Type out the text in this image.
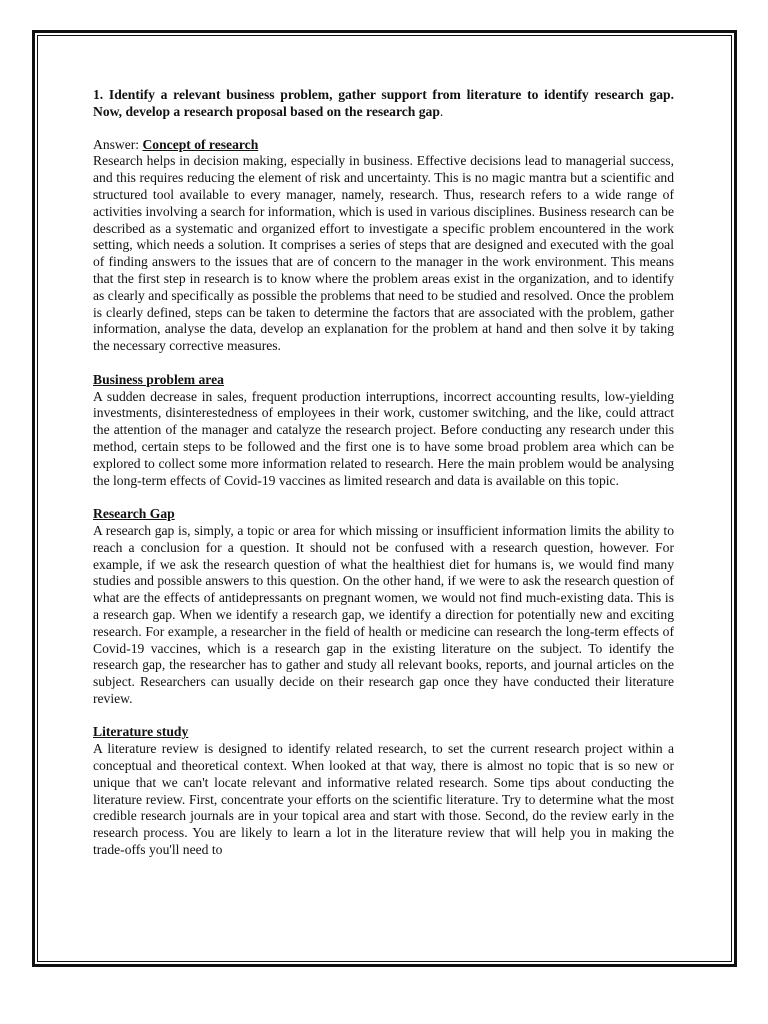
1. Identify a relevant business problem, gather support from literature to identify research gap. Now, develop a research proposal based on the research gap.

Answer: Concept of research

Research helps in decision making, especially in business. Effective decisions lead to managerial success, and this requires reducing the element of risk and uncertainty. This is no magic mantra but a scientific and structured tool available to every manager, namely, research. Thus, research refers to a wide range of activities involving a search for information, which is used in various disciplines. Business research can be described as a systematic and organized effort to investigate a specific problem encountered in the work setting, which needs a solution. It comprises a series of steps that are designed and executed with the goal of finding answers to the issues that are of concern to the manager in the work environment. This means that the first step in research is to know where the problem areas exist in the organization, and to identify as clearly and specifically as possible the problems that need to be studied and resolved. Once the problem is clearly defined, steps can be taken to determine the factors that are associated with the problem, gather information, analyse the data, develop an explanation for the problem at hand and then solve it by taking the necessary corrective measures.

Business problem area

A sudden decrease in sales, frequent production interruptions, incorrect accounting results, low-yielding investments, disinterestedness of employees in their work, customer switching, and the like, could attract the attention of the manager and catalyze the research project. Before conducting any research under this method, certain steps to be followed and the first one is to have some broad problem area which can be explored to collect some more information related to research. Here the main problem would be analysing the long-term effects of Covid-19 vaccines as limited research and data is available on this topic.

Research Gap

A research gap is, simply, a topic or area for which missing or insufficient information limits the ability to reach a conclusion for a question. It should not be confused with a research question, however. For example, if we ask the research question of what the healthiest diet for humans is, we would find many studies and possible answers to this question. On the other hand, if we were to ask the research question of what are the effects of antidepressants on pregnant women, we would not find much-existing data. This is a research gap. When we identify a research gap, we identify a direction for potentially new and exciting research. For example, a researcher in the field of health or medicine can research the long-term effects of Covid-19 vaccines, which is a research gap in the existing literature on the subject. To identify the research gap, the researcher has to gather and study all relevant books, reports, and journal articles on the subject. Researchers can usually decide on their research gap once they have conducted their literature review.

Literature study

A literature review is designed to identify related research, to set the current research project within a conceptual and theoretical context. When looked at that way, there is almost no topic that is so new or unique that we can't locate relevant and informative related research. Some tips about conducting the literature review. First, concentrate your efforts on the scientific literature. Try to determine what the most credible research journals are in your topical area and start with those. Second, do the review early in the research process. You are likely to learn a lot in the literature review that will help you in making the trade-offs you'll need to
